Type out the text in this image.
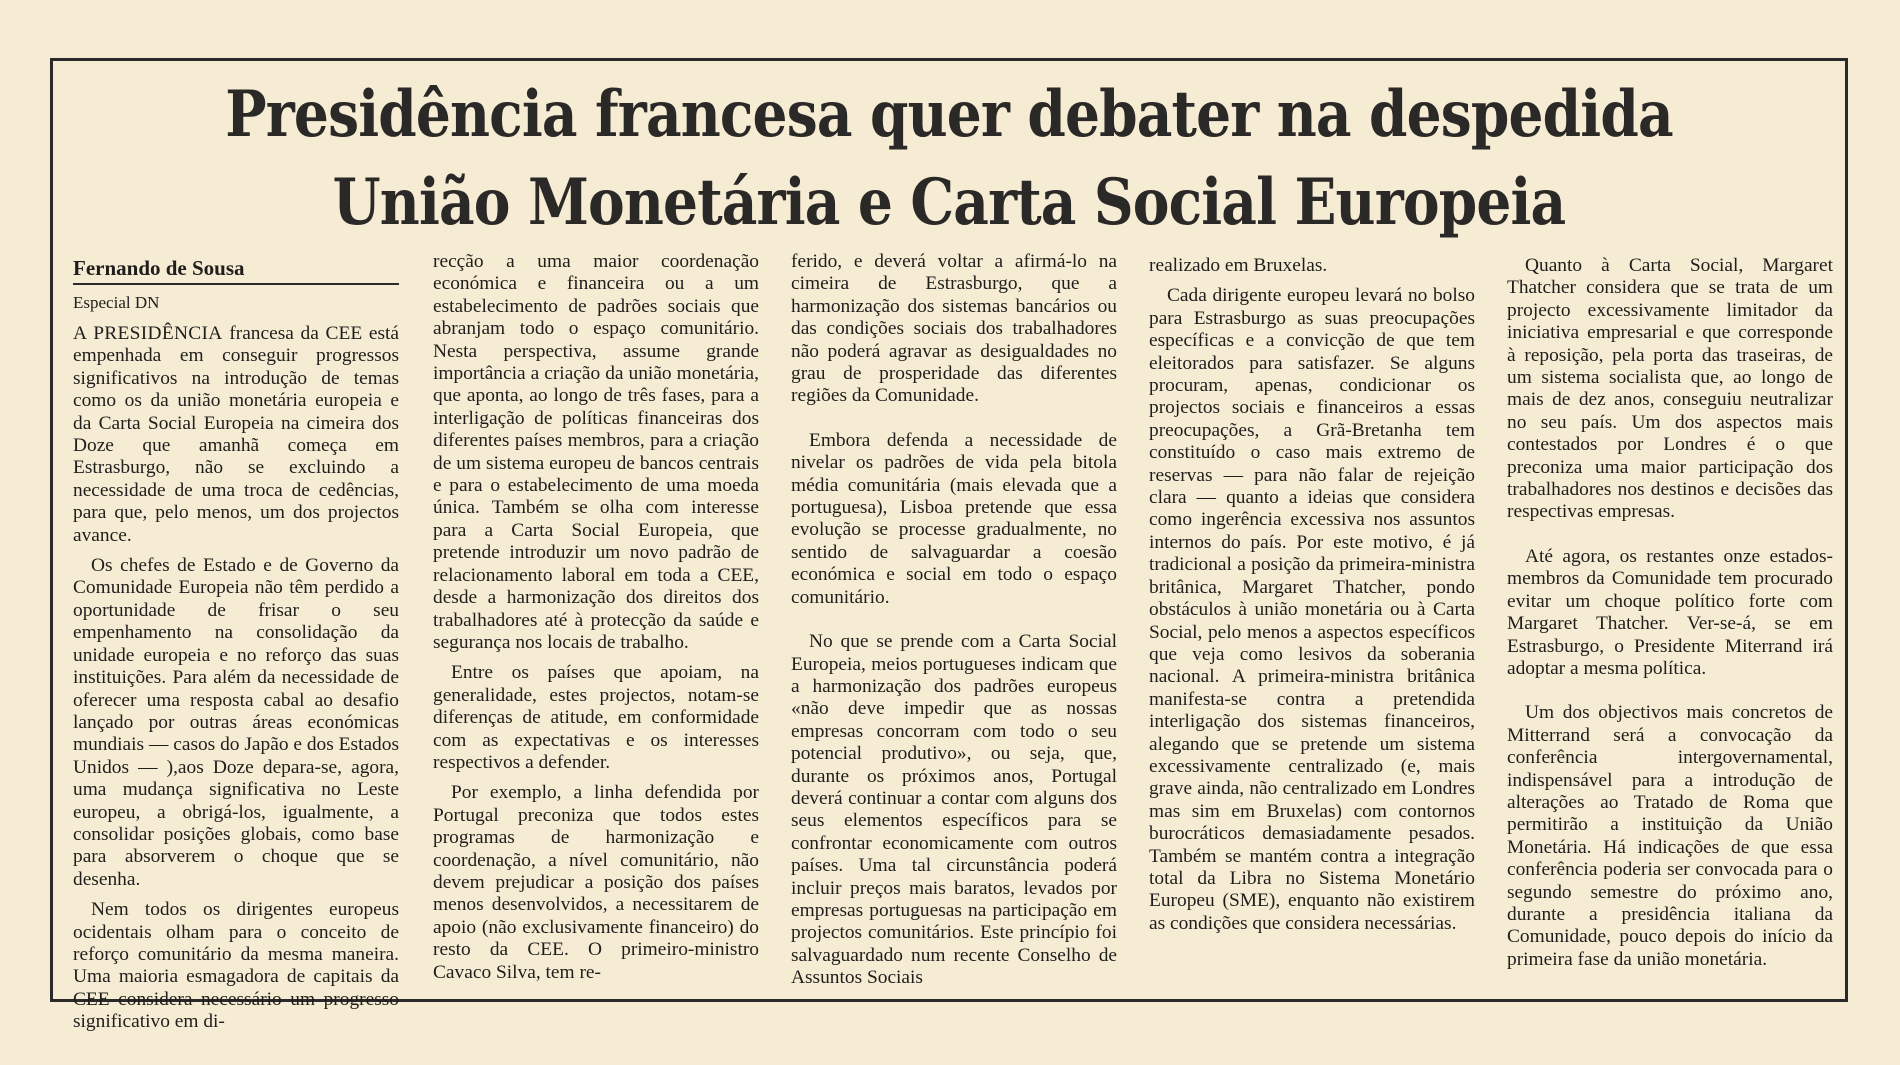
Presidência francesa quer debater na despedida
União Monetária e Carta Social Europeia
Fernando de Sousa
Especial DN

A PRESIDÊNCIA francesa da CEE está empenhada em conseguir progressos significativos na introdução de temas como os da união monetária europeia e da Carta Social Europeia na cimeira dos Doze que amanhã começa em Estrasburgo, não se excluindo a necessidade de uma troca de cedências, para que, pelo menos, um dos projectos avance.

Os chefes de Estado e de Governo da Comunidade Europeia não têm perdido a oportunidade de frisar o seu empenhamento na consolidação da unidade europeia e no reforço das suas instituições. Para além da necessidade de oferecer uma resposta cabal ao desafio lançado por outras áreas económicas mundiais — casos do Japão e dos Estados Unidos — ),aos Doze depara-se, agora, uma mudança significativa no Leste europeu, a obrigá-los, igualmente, a consolidar posições globais, como base para absorverem o choque que se desenha.

Nem todos os dirigentes europeus ocidentais olham para o conceito de reforço comunitário da mesma maneira. Uma maioria esmagadora de capitais da CEE considera necessário um progresso significativo em di-

recção a uma maior coordenação económica e financeira ou a um estabelecimento de padrões sociais que abranjam todo o espaço comunitário. Nesta perspectiva, assume grande importância a criação da união monetária, que aponta, ao longo de três fases, para a interligação de políticas financeiras dos diferentes países membros, para a criação de um sistema europeu de bancos centrais e para o estabelecimento de uma moeda única. Também se olha com interesse para a Carta Social Europeia, que pretende introduzir um novo padrão de relacionamento laboral em toda a CEE, desde a harmonização dos direitos dos trabalhadores até à protecção da saúde e segurança nos locais de trabalho.

Entre os países que apoiam, na generalidade, estes projectos, notam-se diferenças de atitude, em conformidade com as expectativas e os interesses respectivos a defender.

Por exemplo, a linha defendida por Portugal preconiza que todos estes programas de harmonização e coordenação, a nível comunitário, não devem prejudicar a posição dos países menos desenvolvidos, a necessitarem de apoio (não exclusivamente financeiro) do resto da CEE. O primeiro-ministro Cavaco Silva, tem re-

ferido, e deverá voltar a afirmá-lo na cimeira de Estrasburgo, que a harmonização dos sistemas bancários ou das condições sociais dos trabalhadores não poderá agravar as desigualdades no grau de prosperidade das diferentes regiões da Comunidade.

Embora defenda a necessidade de nivelar os padrões de vida pela bitola média comunitária (mais elevada que a portuguesa), Lisboa pretende que essa evolução se processe gradualmente, no sentido de salvaguardar a coesão económica e social em todo o espaço comunitário.

No que se prende com a Carta Social Europeia, meios portugueses indicam que a harmonização dos padrões europeus «não deve impedir que as nossas empresas concorram com todo o seu potencial produtivo», ou seja, que, durante os próximos anos, Portugal deverá continuar a contar com alguns dos seus elementos específicos para se confrontar economicamente com outros países. Uma tal circunstância poderá incluir preços mais baratos, levados por empresas portuguesas na participação em projectos comunitários. Este princípio foi salvaguardado num recente Conselho de Assuntos Sociais

realizado em Bruxelas.

Cada dirigente europeu levará no bolso para Estrasburgo as suas preocupações específicas e a convicção de que tem eleitorados para satisfazer. Se alguns procuram, apenas, condicionar os projectos sociais e financeiros a essas preocupações, a Grã-Bretanha tem constituído o caso mais extremo de reservas — para não falar de rejeição clara — quanto a ideias que considera como ingerência excessiva nos assuntos internos do país. Por este motivo, é já tradicional a posição da primeira-ministra britânica, Margaret Thatcher, pondo obstáculos à união monetária ou à Carta Social, pelo menos a aspectos específicos que veja como lesivos da soberania nacional. A primeira-ministra britânica manifesta-se contra a pretendida interligação dos sistemas financeiros, alegando que se pretende um sistema excessivamente centralizado (e, mais grave ainda, não centralizado em Londres mas sim em Bruxelas) com contornos burocráticos demasiadamente pesados. Também se mantém contra a integração total da Libra no Sistema Monetário Europeu (SME), enquanto não existirem as condições que considera necessárias.

Quanto à Carta Social, Margaret Thatcher considera que se trata de um projecto excessivamente limitador da iniciativa empresarial e que corresponde à reposição, pela porta das traseiras, de um sistema socialista que, ao longo de mais de dez anos, conseguiu neutralizar no seu país. Um dos aspectos mais contestados por Londres é o que preconiza uma maior participação dos trabalhadores nos destinos e decisões das respectivas empresas.

Até agora, os restantes onze estados-membros da Comunidade tem procurado evitar um choque político forte com Margaret Thatcher. Ver-se-á, se em Estrasburgo, o Presidente Miterrand irá adoptar a mesma política.

Um dos objectivos mais concretos de Mitterrand será a convocação da conferência intergovernamental, indispensável para a introdução de alterações ao Tratado de Roma que permitirão a instituição da União Monetária. Há indicações de que essa conferência poderia ser convocada para o segundo semestre do próximo ano, durante a presidência italiana da Comunidade, pouco depois do início da primeira fase da união monetária.
